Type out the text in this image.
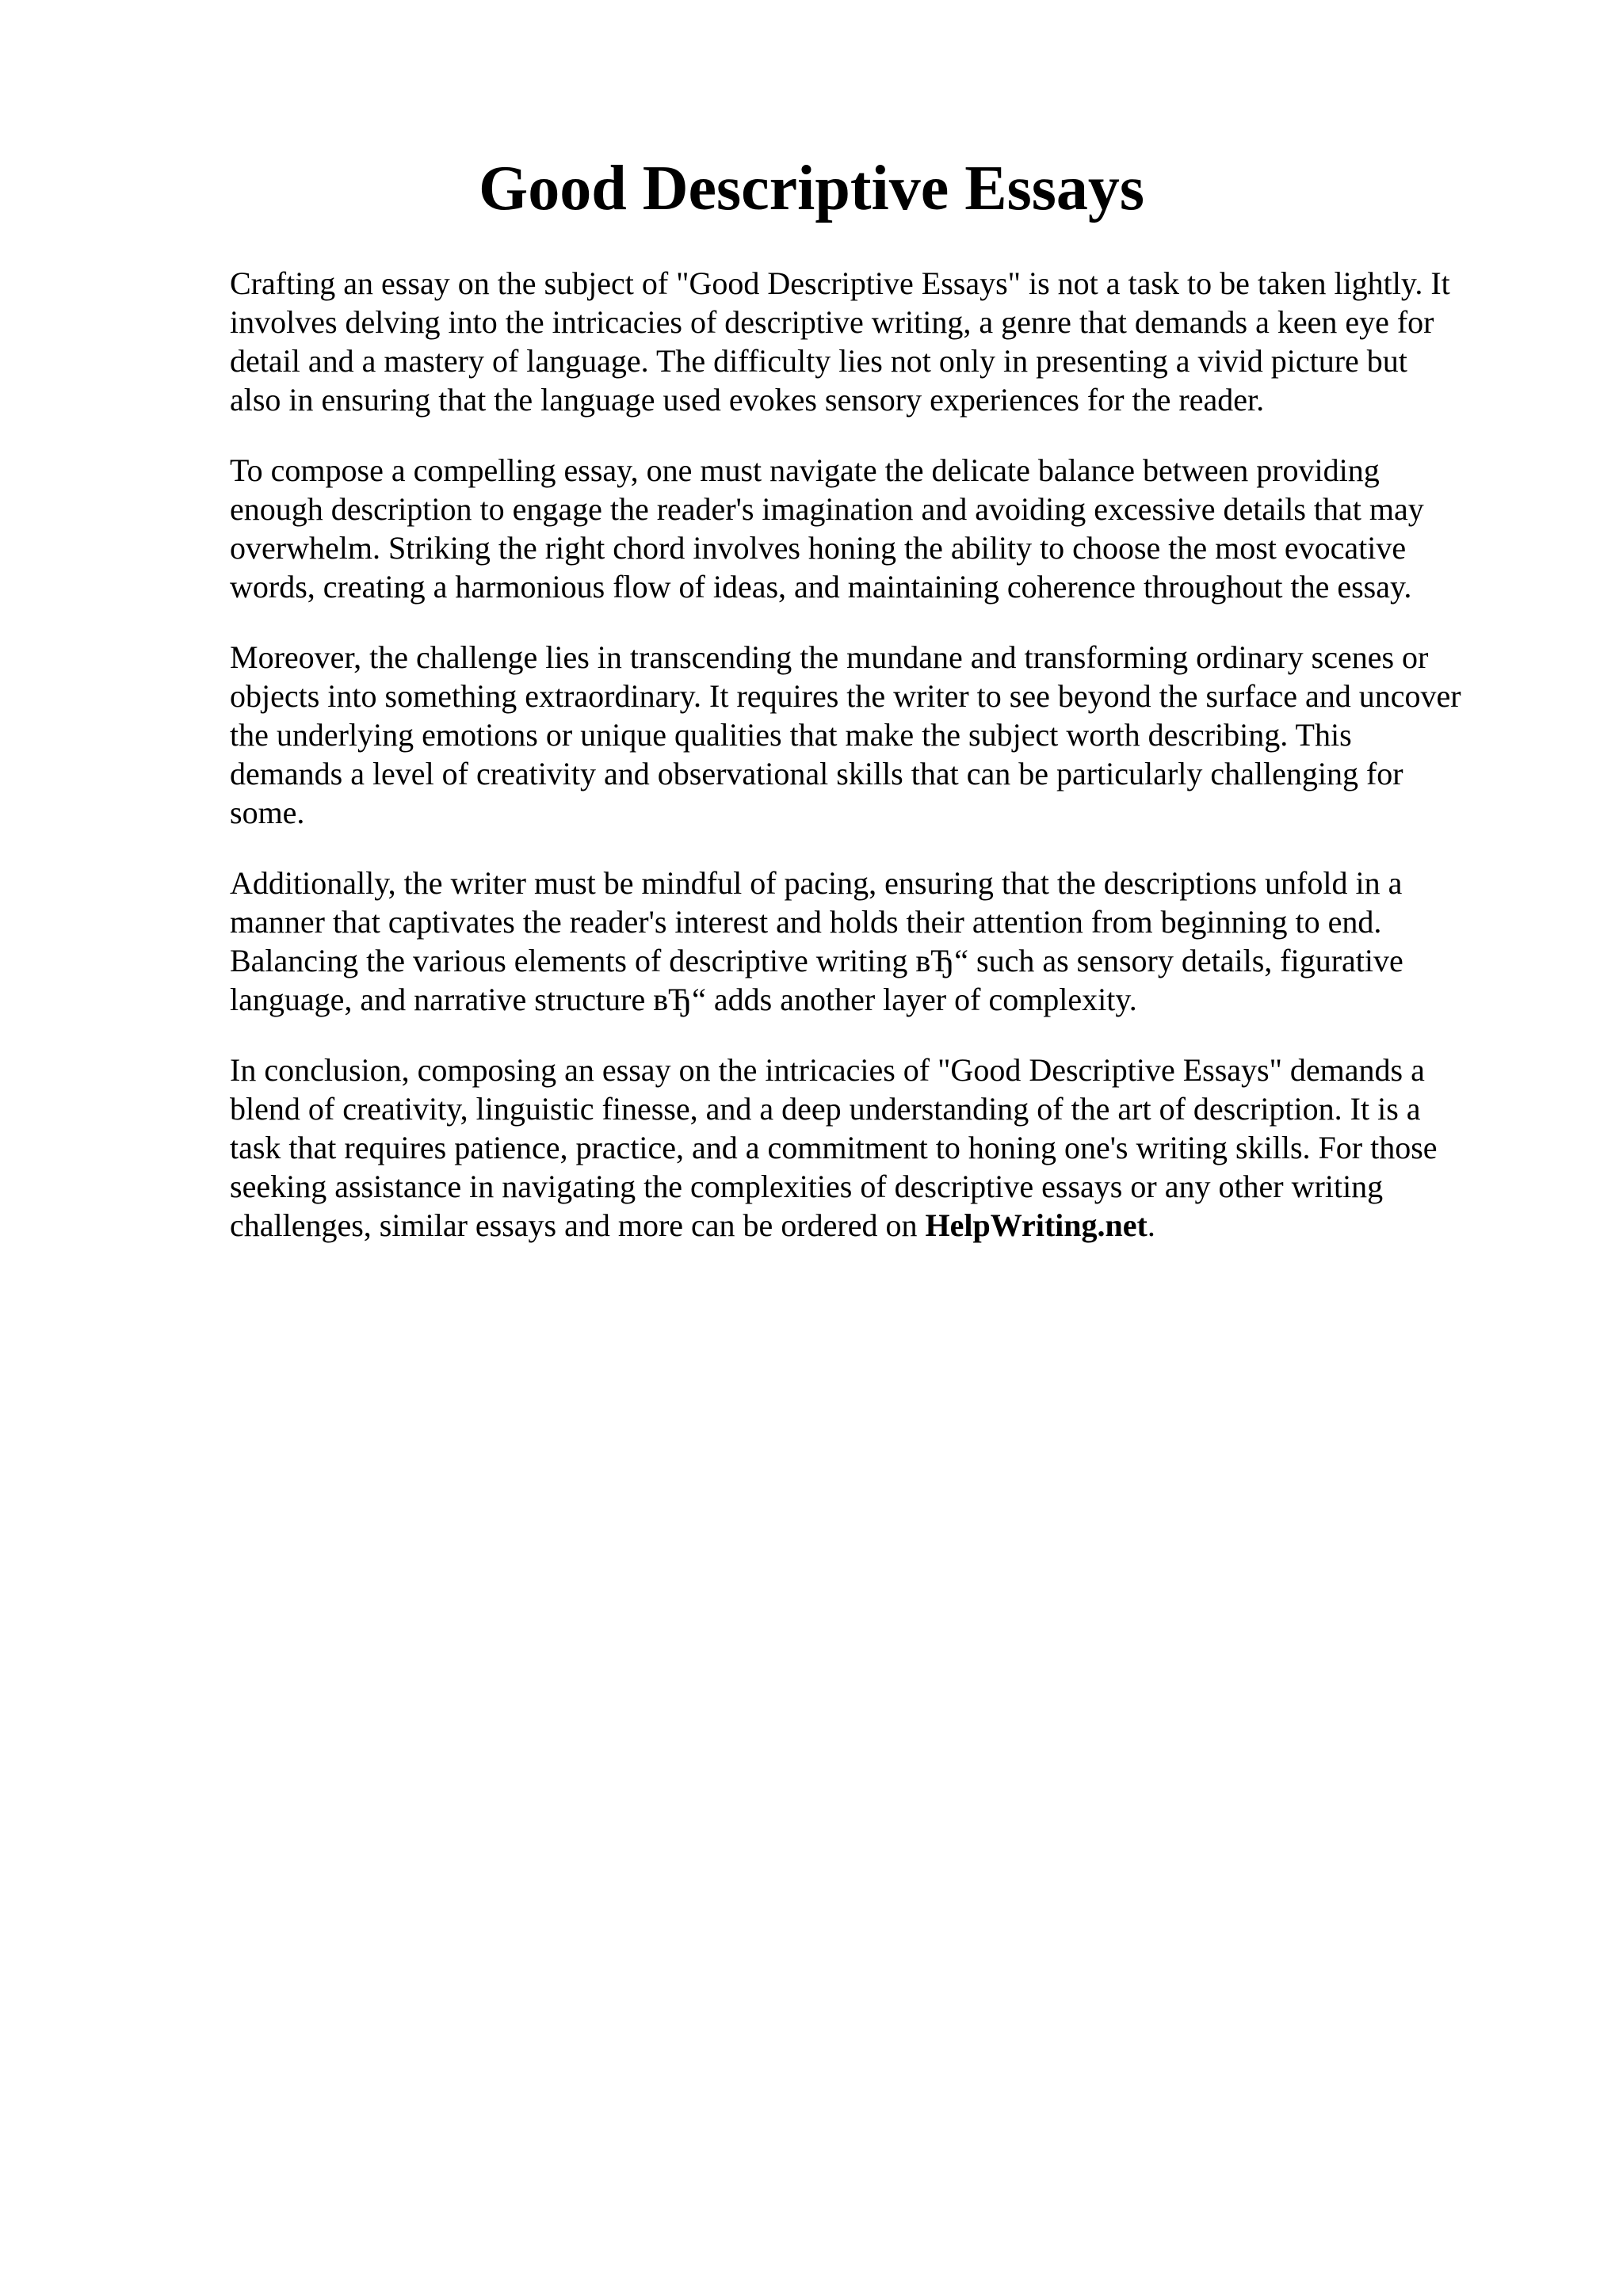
Good Descriptive Essays

Crafting an essay on the subject of "Good Descriptive Essays" is not a task to be taken lightly. It
involves delving into the intricacies of descriptive writing, a genre that demands a keen eye for
detail and a mastery of language. The difficulty lies not only in presenting a vivid picture but
also in ensuring that the language used evokes sensory experiences for the reader.

To compose a compelling essay, one must navigate the delicate balance between providing
enough description to engage the reader's imagination and avoiding excessive details that may
overwhelm. Striking the right chord involves honing the ability to choose the most evocative
words, creating a harmonious flow of ideas, and maintaining coherence throughout the essay.

Moreover, the challenge lies in transcending the mundane and transforming ordinary scenes or
objects into something extraordinary. It requires the writer to see beyond the surface and uncover
the underlying emotions or unique qualities that make the subject worth describing. This
demands a level of creativity and observational skills that can be particularly challenging for
some.

Additionally, the writer must be mindful of pacing, ensuring that the descriptions unfold in a
manner that captivates the reader's interest and holds their attention from beginning to end.
Balancing the various elements of descriptive writing вЂ“ such as sensory details, figurative
language, and narrative structure вЂ“ adds another layer of complexity.

In conclusion, composing an essay on the intricacies of "Good Descriptive Essays" demands a
blend of creativity, linguistic finesse, and a deep understanding of the art of description. It is a
task that requires patience, practice, and a commitment to honing one's writing skills. For those
seeking assistance in navigating the complexities of descriptive essays or any other writing
challenges, similar essays and more can be ordered on HelpWriting.net.
